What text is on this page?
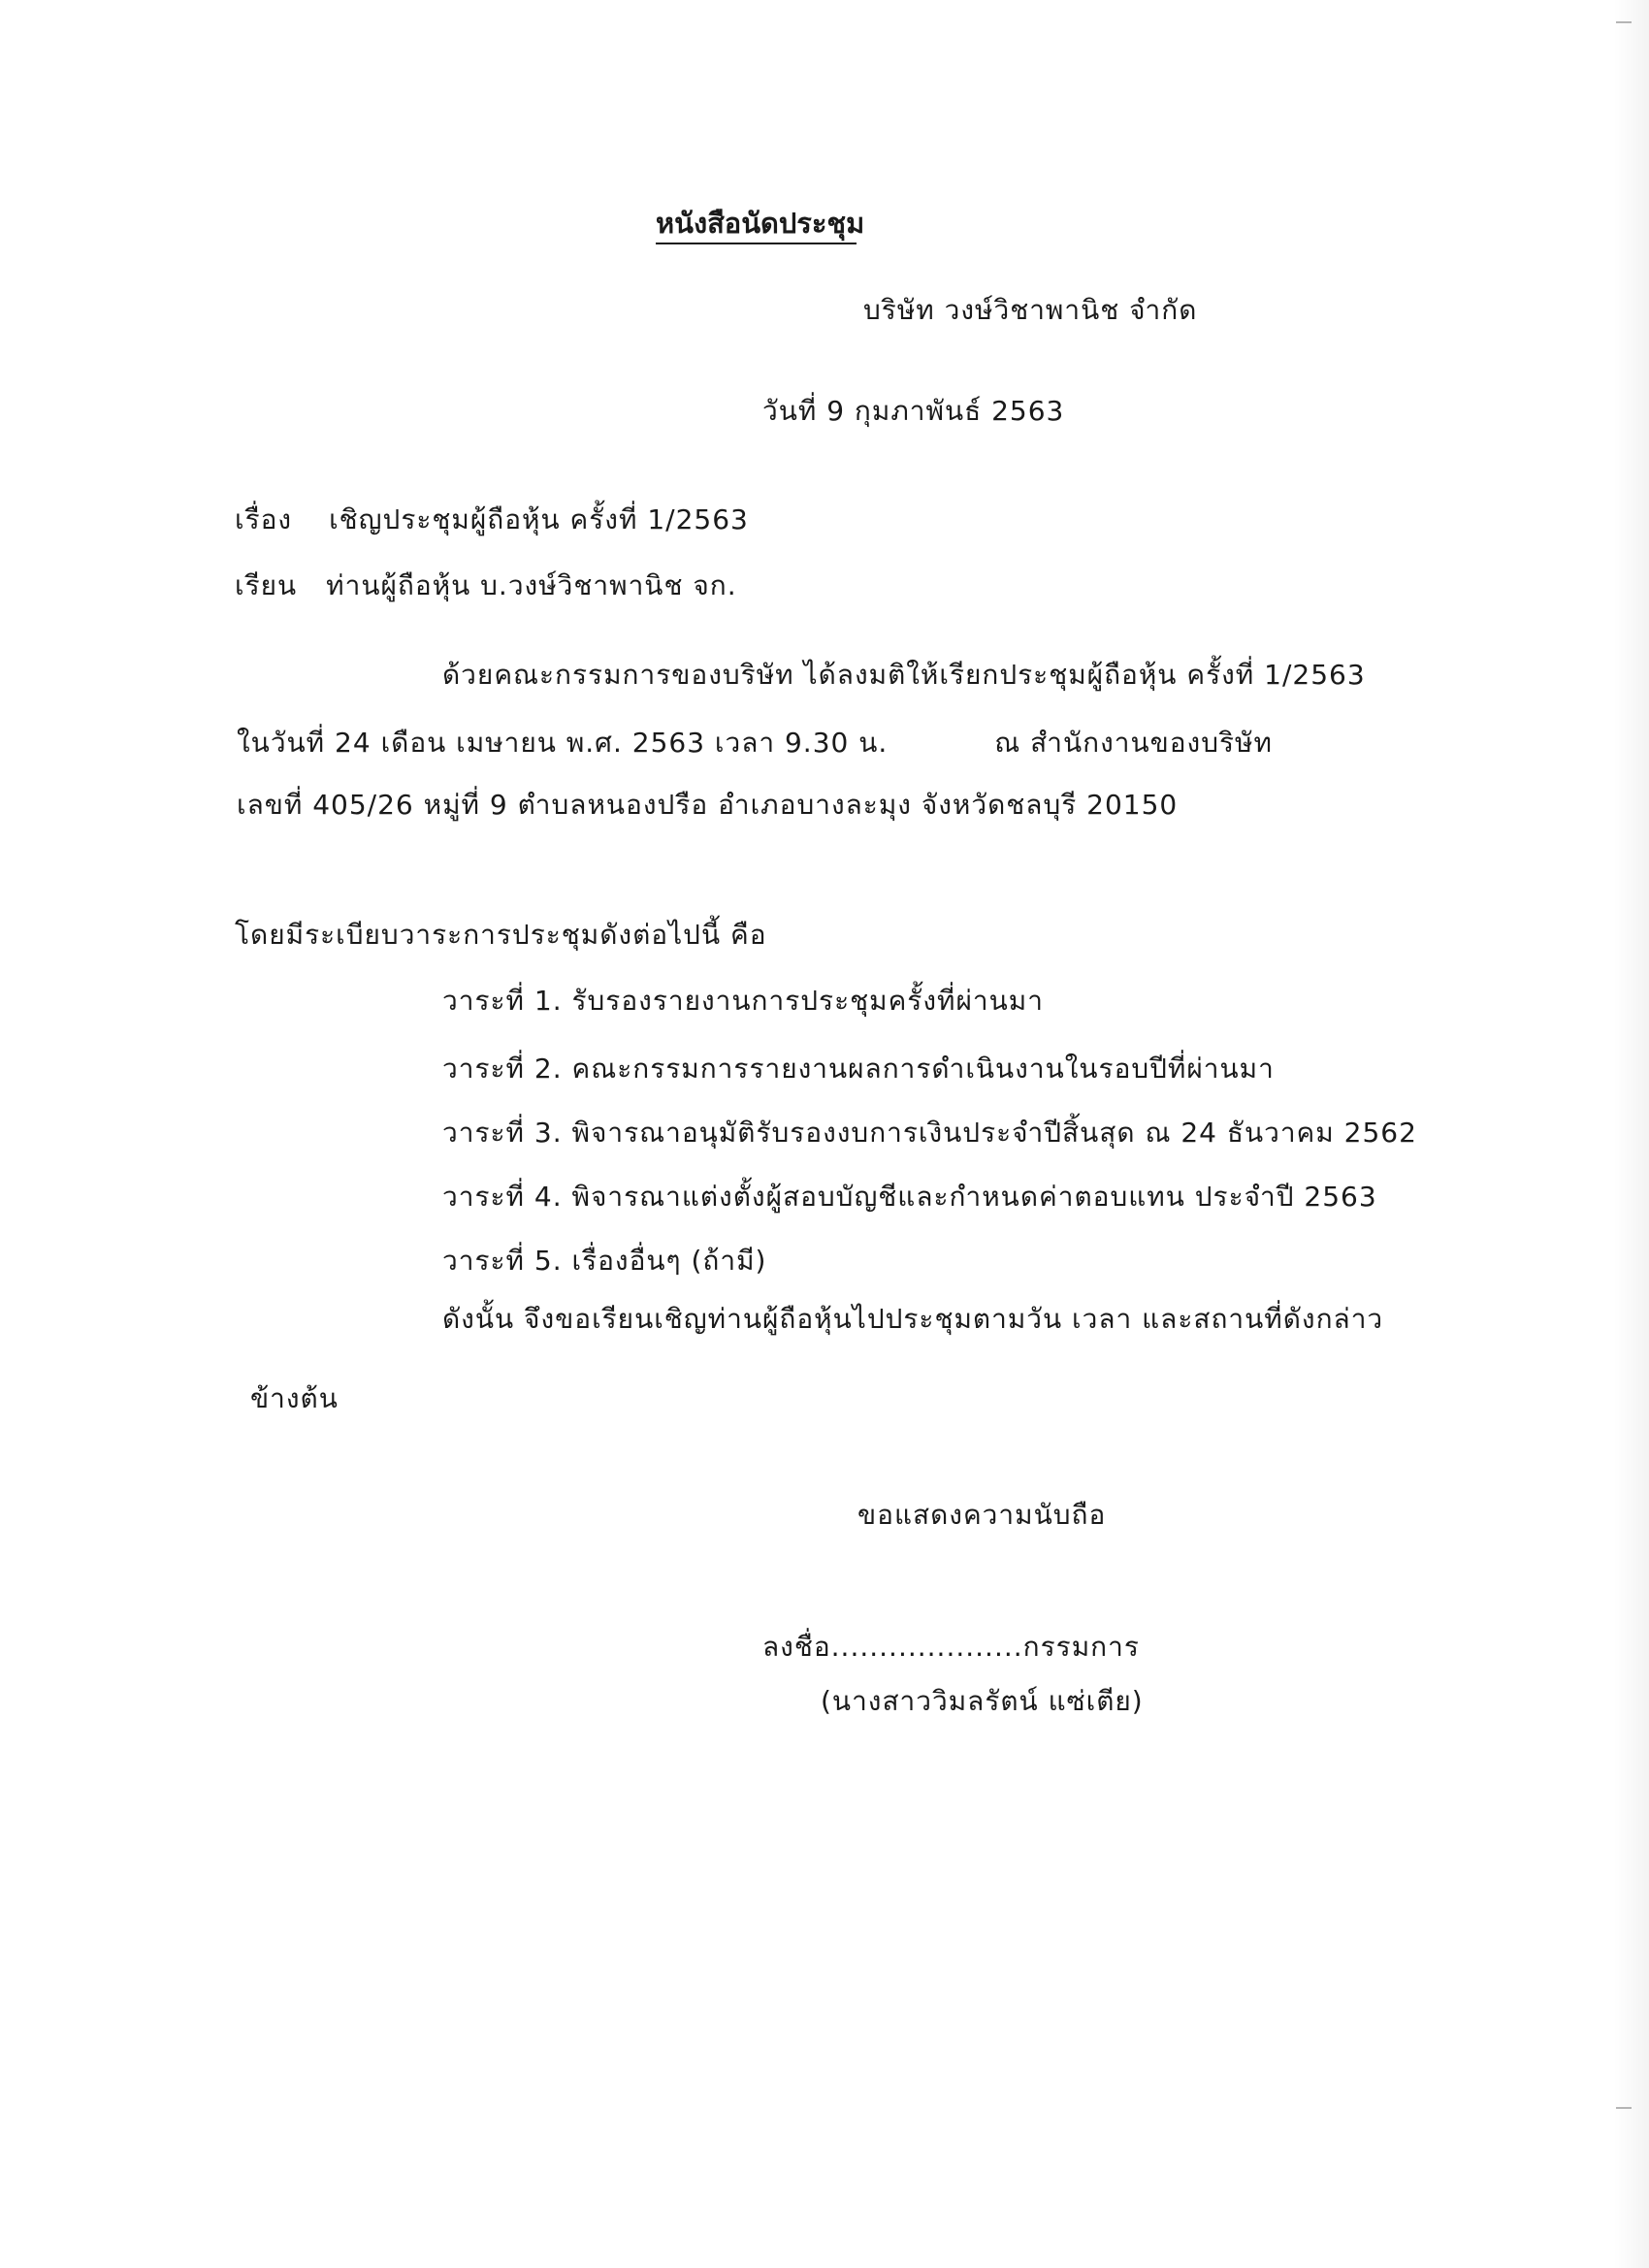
หนังสือนัดประชุม
บริษัท วงษ์วิชาพานิช จำกัด
วันที่ 9 กุมภาพันธ์ 2563
เรื่อง เชิญประชุมผู้ถือหุ้น ครั้งที่ 1/2563
เรียน ท่านผู้ถือหุ้น บ.วงษ์วิชาพานิช จก.
ด้วยคณะกรรมการของบริษัท ได้ลงมติให้เรียกประชุมผู้ถือหุ้น ครั้งที่ 1/2563
ในวันที่ 24 เดือน เมษายน พ.ศ. 2563 เวลา 9.30 น.	ณ สำนักงานของบริษัท
เลขที่ 405/26 หมู่ที่ 9 ตำบลหนองปรือ อำเภอบางละมุง จังหวัดชลบุรี 20150
โดยมีระเบียบวาระการประชุมดังต่อไปนี้ คือ
วาระที่ 1. รับรองรายงานการประชุมครั้งที่ผ่านมา
วาระที่ 2. คณะกรรมการรายงานผลการดำเนินงานในรอบปีที่ผ่านมา
วาระที่ 3. พิจารณาอนุมัติรับรองงบการเงินประจำปีสิ้นสุด ณ 24 ธันวาคม 2562
วาระที่ 4. พิจารณาแต่งตั้งผู้สอบบัญชีและกำหนดค่าตอบแทน ประจำปี 2563
วาระที่ 5. เรื่องอื่นๆ (ถ้ามี)
ดังนั้น จึงขอเรียนเชิญท่านผู้ถือหุ้นไปประชุมตามวัน เวลา และสถานที่ดังกล่าว
ข้างต้น
ขอแสดงความนับถือ
ลงชื่อ....................กรรมการ
(นางสาววิมลรัตน์ แซ่เตีย)
